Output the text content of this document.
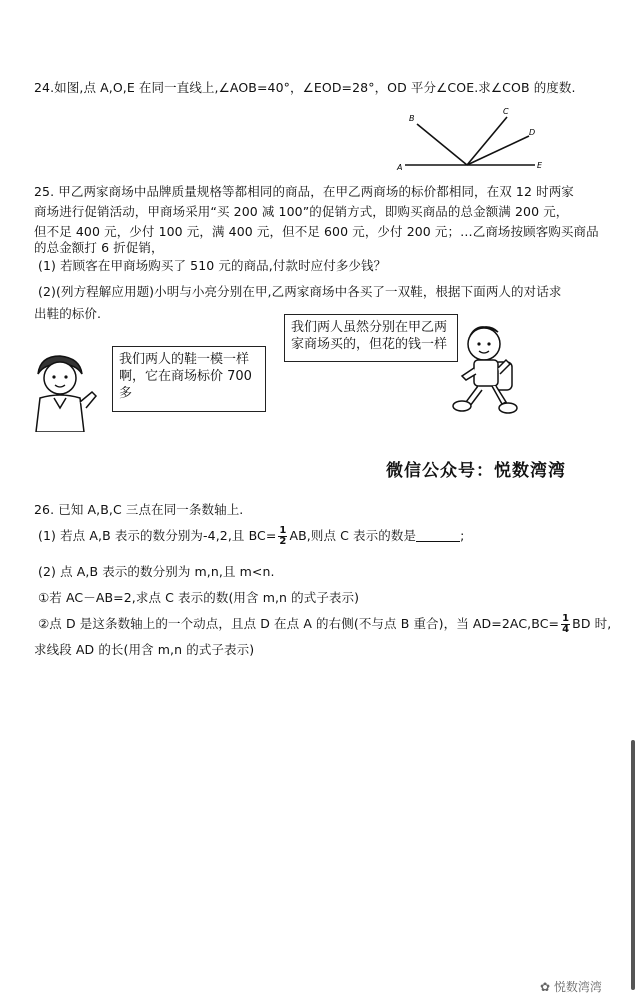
24.如图,点 A,O,E 在同一直线上,∠AOB=40°，∠EOD=28°，OD 平分∠COE.求∠COB 的度数.
A
B
C
D
E
25. 甲乙两家商场中品牌质量规格等都相同的商品，在甲乙两商场的标价都相同，在双 12 时两家
商场进行促销活动，甲商场采用“买 200 减 100”的促销方式，即购买商品的总金额满 200 元，
但不足 400 元，少付 100 元，满 400 元，但不足 600 元，少付 200 元；…乙商场按顾客购买商品
的总金额打 6 折促销，
(1) 若顾客在甲商场购买了 510 元的商品,付款时应付多少钱？
(2)(列方程解应用题)小明与小亮分别在甲,乙两家商场中各买了一双鞋，根据下面两人的对话求
出鞋的标价.
我们两人虽然分别在甲乙两家商场买的，但花的钱一样
我们两人的鞋一模一样啊，它在商场标价 700 多
微信公众号：悦数湾湾
26. 已知 A,B,C 三点在同一条数轴上.
(1) 若点 A,B 表示的数分别为-4,2,且 $BC= \frac{1}{2}$ AB,则点 C 表示的数是	;
(2) 点 A,B 表示的数分别为 m,n,且 m<n.
①若 AC－AB=2,求点 C 表示的数(用含 m,n 的式子表示)
②点 D 是这条数轴上的一个动点，且点 D 在点 A 的右侧(不与点 B 重合)，当 $AD=2AC,BC= \frac{1}{4}$ BD 时,
求线段 AD 的长(用含 m,n 的式子表示)
✿ 悦数湾湾
